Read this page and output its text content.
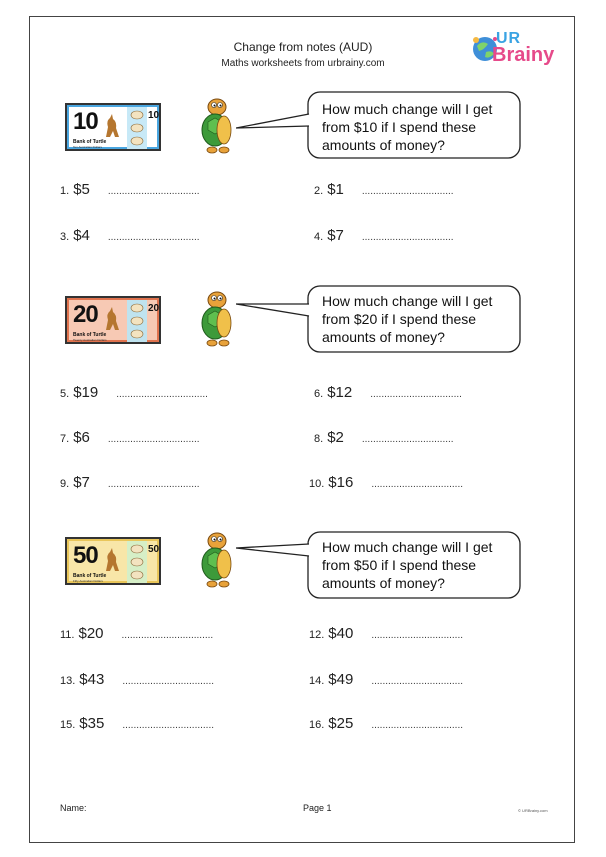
Change from notes (AUD)
Maths worksheets from urbrainy.com
UR
Brainy
10	10
Bank of Turtle
Ten Australian Dollars
How much change will I get
from $10 if I spend these
amounts of money?
1. $5 .................................	2. $1 .................................
3. $4 .................................	4. $7 .................................
20	20
Bank of Turtle
Twenty Australian Dollars
How much change will I get
from $20 if I spend these
amounts of money?
5. $19 .................................	6. $12 .................................
7. $6 .................................	8. $2 .................................
9. $7 .................................	10. $16 .................................
50	50
Bank of Turtle
Fifty Australian Dollars
How much change will I get
from $50 if I spend these
amounts of money?
11. $20 .................................	12. $40 .................................
13. $43 .................................	14. $49 .................................
15. $35 .................................	16. $25 .................................
Name:	Page 1	© URBrainy.com
